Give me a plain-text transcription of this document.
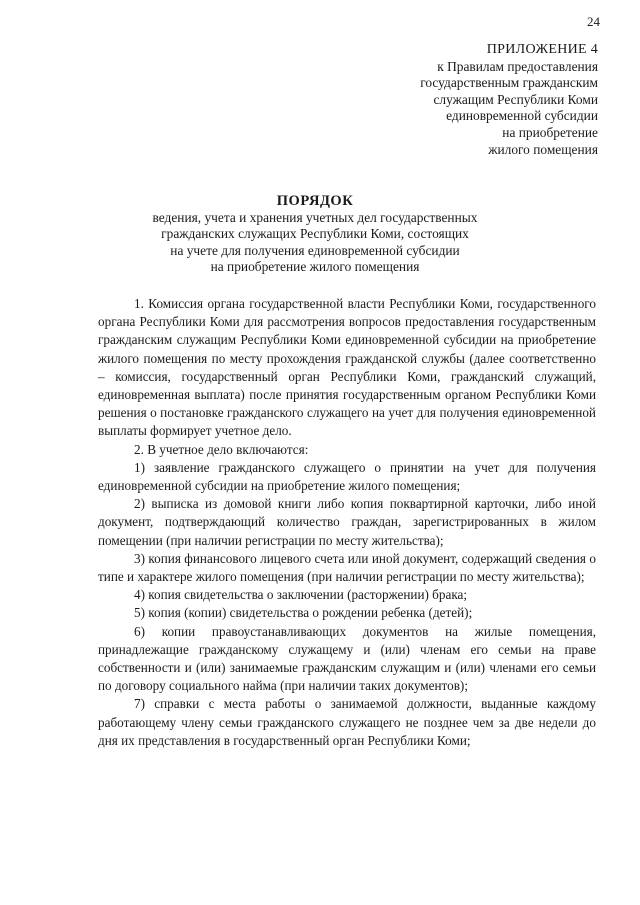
24
ПРИЛОЖЕНИЕ 4
к Правилам предоставления
государственным гражданским
служащим Республики Коми
единовременной субсидии
на приобретение
жилого помещения
ПОРЯДОК
ведения, учета и хранения учетных дел государственных
гражданских служащих Республики Коми, состоящих
на учете для получения единовременной субсидии
на приобретение жилого помещения

1. Комиссия органа государственной власти Республики Коми, государственного органа Республики Коми для рассмотрения вопросов предоставления государственным гражданским служащим Республики Коми единовременной субсидии на приобретение жилого помещения по месту прохождения гражданской службы (далее соответственно – комиссия, государственный орган Республики Коми, гражданский служащий, единовременная выплата) после принятия государственным органом Республики Коми решения о постановке гражданского служащего на учет для получения единовременной выплаты формирует учетное дело.

2. В учетное дело включаются:

1) заявление гражданского служащего о принятии на учет для получения единовременной субсидии на приобретение жилого помещения;

2) выписка из домовой книги либо копия поквартирной карточки, либо иной документ, подтверждающий количество граждан, зарегистрированных в жилом помещении (при наличии регистрации по месту жительства);

3) копия финансового лицевого счета или иной документ, содержащий сведения о типе и характере жилого помещения (при наличии регистрации по месту жительства);

4) копия свидетельства о заключении (расторжении) брака;

5) копия (копии) свидетельства о рождении ребенка (детей);

6) копии правоустанавливающих документов на жилые помещения, принадлежащие гражданскому служащему и (или) членам его семьи на праве собственности и (или) занимаемые гражданским служащим и (или) членами его семьи по договору социального найма (при наличии таких документов);

7) справки с места работы о занимаемой должности, выданные каждому работающему члену семьи гражданского служащего не позднее чем за две недели до дня их представления в государственный орган Республики Коми;
